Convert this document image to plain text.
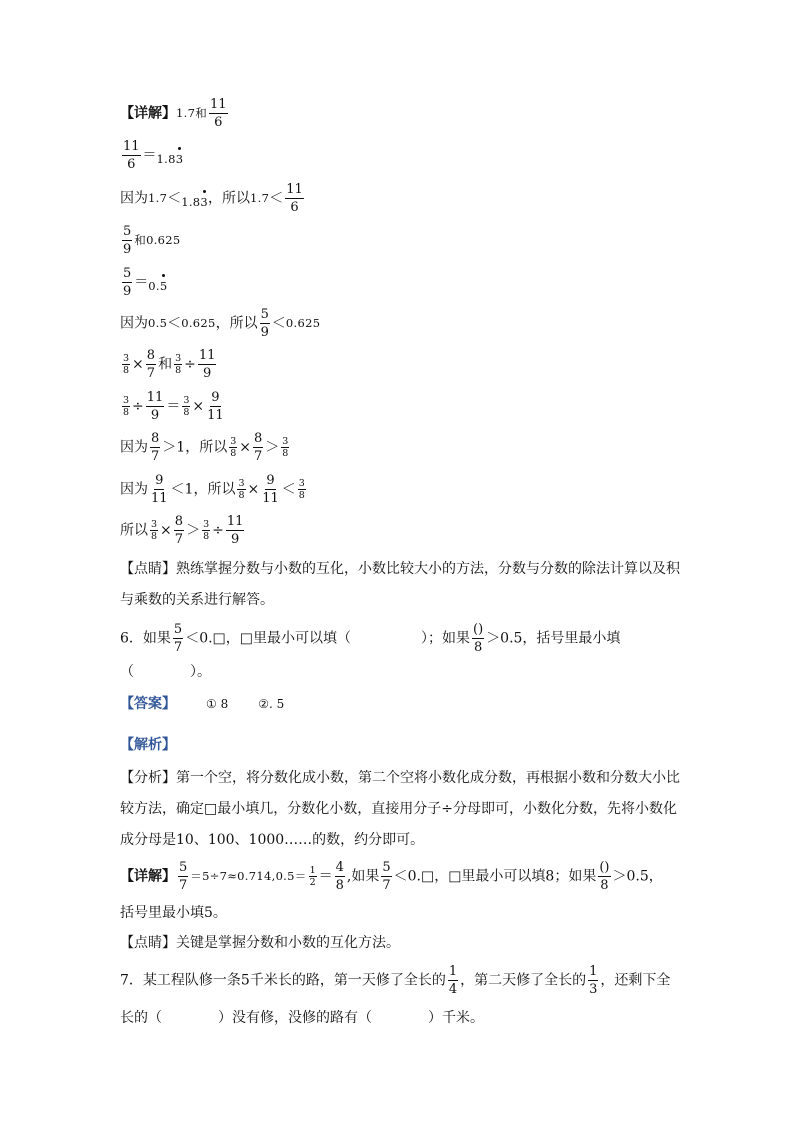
【详解】1.7和 $\frac{11}{6}$
$\frac{11}{6} =_{1.83}$
因为$1.7<_{1.83}$，所以$1.7< \frac{11}{6}$
$\frac{5}{9}$ 和0.625
$\frac{5}{9} =_{0.5}$
因为0.5＜0.625，所以 $\frac{5}{9} <0.625$
$\frac{3}{8} \times \frac{8}{7}$ 和 $\frac{3}{8} \div \frac{11}{9}$
$\frac{3}{8} \div \frac{11}{9} = \frac{3}{8} \times \frac{9}{11}$
因为 $\frac{8}{7} >1$，所以 $\frac{3}{8} \times \frac{8}{7} > \frac{3}{8}$
因为 $\frac{9}{11} <1$，所以 $\frac{3}{8} \times \frac{9}{11} < \frac{3}{8}$
所以 $\frac{3}{8} \times \frac{8}{7} > \frac{3}{8} \div \frac{11}{9}$
【点睛】熟练掌握分数与小数的互化，小数比较大小的方法，分数与分数的除法计算以及积
与乘数的关系进行解答。
6．如果 $\frac{5}{7}$ ＜0.□，□里最小可以填（　　　　　）；如果 $\frac{()}{8} >0.5$，括号里最小填
（　　　　）。
【答案】	① 8	②. 5
【解析】
【分析】第一个空，将分数化成小数，第二个空将小数化成分数，再根据小数和分数大小比
较方法，确定□最小填几，分数化小数，直接用分子÷分母即可，小数化分数，先将小数化
成分母是10、100、1000……的数，约分即可。
【详解】 $\frac{5}{7} =5\div 7\approx 0.714,0.5= \frac{1}{2} = \frac{4}{8}$ ,如果 $\frac{5}{7}$ ＜0.□，□里最小可以填8；如果 $\frac{()}{8} >0.5$，
括号里最小填5。
【点睛】关键是掌握分数和小数的互化方法。
7．某工程队修一条5千米长的路，第一天修了全长的 $\frac{1}{4}$ ，第二天修了全长的 $\frac{1}{3}$ ，还剩下全
长的（　　　　）没有修，没修的路有（　　　　）千米。
